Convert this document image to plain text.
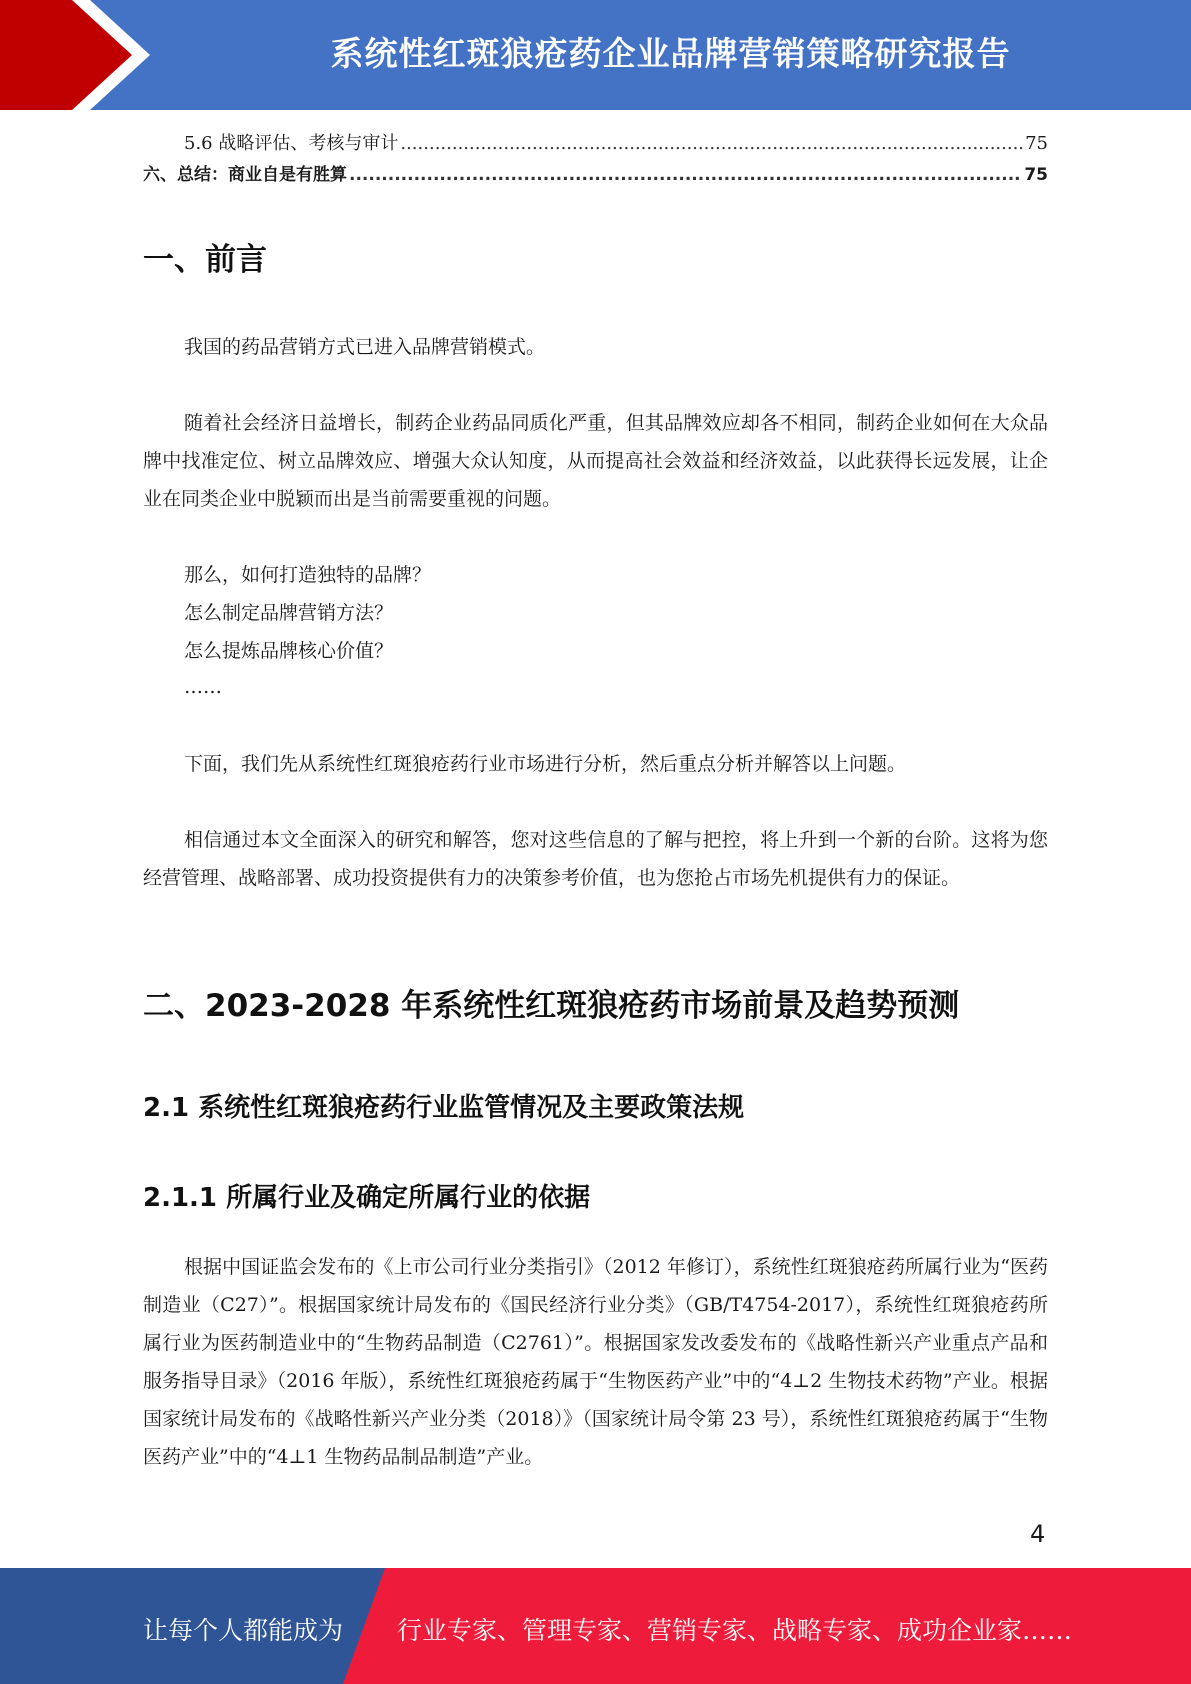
系统性红斑狼疮药企业品牌营销策略研究报告
5.6 战略评估、考核与审计 .....	75
六、总结：商业自是有胜算 .....	75
一、前言
我国的药品营销方式已进入品牌营销模式。
随着社会经济日益增长，制药企业药品同质化严重，但其品牌效应却各不相同，制药企业如何在大众品牌中找准定位、树立品牌效应、增强大众认知度，从而提高社会效益和经济效益，以此获得长远发展，让企业在同类企业中脱颖而出是当前需要重视的问题。
那么，如何打造独特的品牌？
怎么制定品牌营销方法？
怎么提炼品牌核心价值？
……
下面，我们先从系统性红斑狼疮药行业市场进行分析，然后重点分析并解答以上问题。
相信通过本文全面深入的研究和解答，您对这些信息的了解与把控，将上升到一个新的台阶。这将为您经营管理、战略部署、成功投资提供有力的决策参考价值，也为您抢占市场先机提供有力的保证。
二、2023-2028 年系统性红斑狼疮药市场前景及趋势预测
2.1 系统性红斑狼疮药行业监管情况及主要政策法规
2.1.1 所属行业及确定所属行业的依据
根据中国证监会发布的《上市公司行业分类指引》（2012 年修订），系统性红斑狼疮药所属行业为“医药制造业（C27）”。根据国家统计局发布的《国民经济行业分类》（GB/T4754-2017），系统性红斑狼疮药所属行业为医药制造业中的“生物药品制造（C2761）”。根据国家发改委发布的《战略性新兴产业重点产品和服务指导目录》（2016 年版），系统性红斑狼疮药属于“生物医药产业”中的“4⊥2 生物技术药物”产业。根据国家统计局发布的《战略性新兴产业分类（2018）》（国家统计局令第 23 号），系统性红斑狼疮药属于“生物医药产业”中的“4⊥1 生物药品制品制造”产业。
4
让每个人都能成为 行业专家、管理专家、营销专家、战略专家、成功企业家……
